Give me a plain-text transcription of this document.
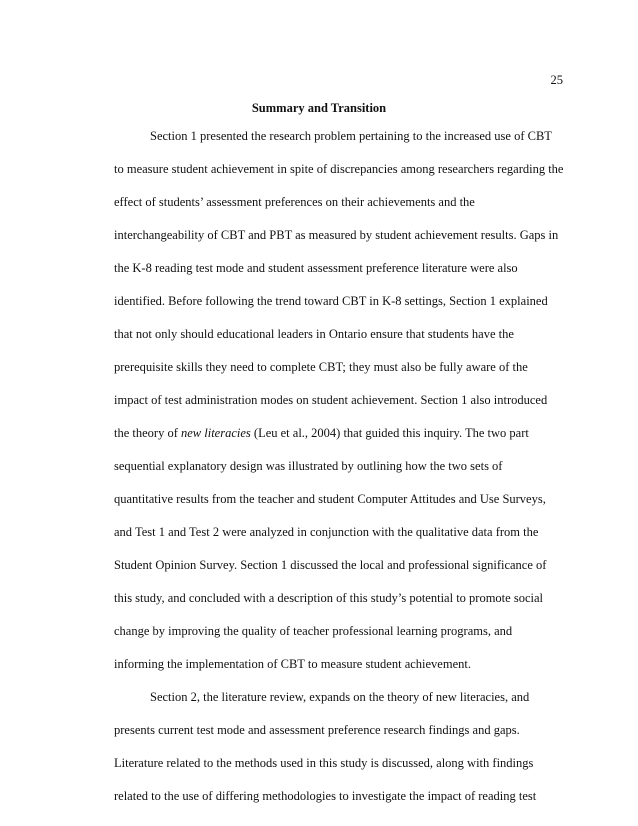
25
Summary and Transition
Section 1 presented the research problem pertaining to the increased use of CBT
to measure student achievement in spite of discrepancies among researchers regarding the
effect of students’ assessment preferences on their achievements and the
interchangeability of CBT and PBT as measured by student achievement results. Gaps in
the K-8 reading test mode and student assessment preference literature were also
identified. Before following the trend toward CBT in K-8 settings, Section 1 explained
that not only should educational leaders in Ontario ensure that students have the
prerequisite skills they need to complete CBT; they must also be fully aware of the
impact of test administration modes on student achievement. Section 1 also introduced
the theory of new literacies (Leu et al., 2004) that guided this inquiry. The two part
sequential explanatory design was illustrated by outlining how the two sets of
quantitative results from the teacher and student Computer Attitudes and Use Surveys,
and Test 1 and Test 2 were analyzed in conjunction with the qualitative data from the
Student Opinion Survey. Section 1 discussed the local and professional significance of
this study, and concluded with a description of this study’s potential to promote social
change by improving the quality of teacher professional learning programs, and
informing the implementation of CBT to measure student achievement.
Section 2, the literature review, expands on the theory of new literacies, and
presents current test mode and assessment preference research findings and gaps.
Literature related to the methods used in this study is discussed, along with findings
related to the use of differing methodologies to investigate the impact of reading test
